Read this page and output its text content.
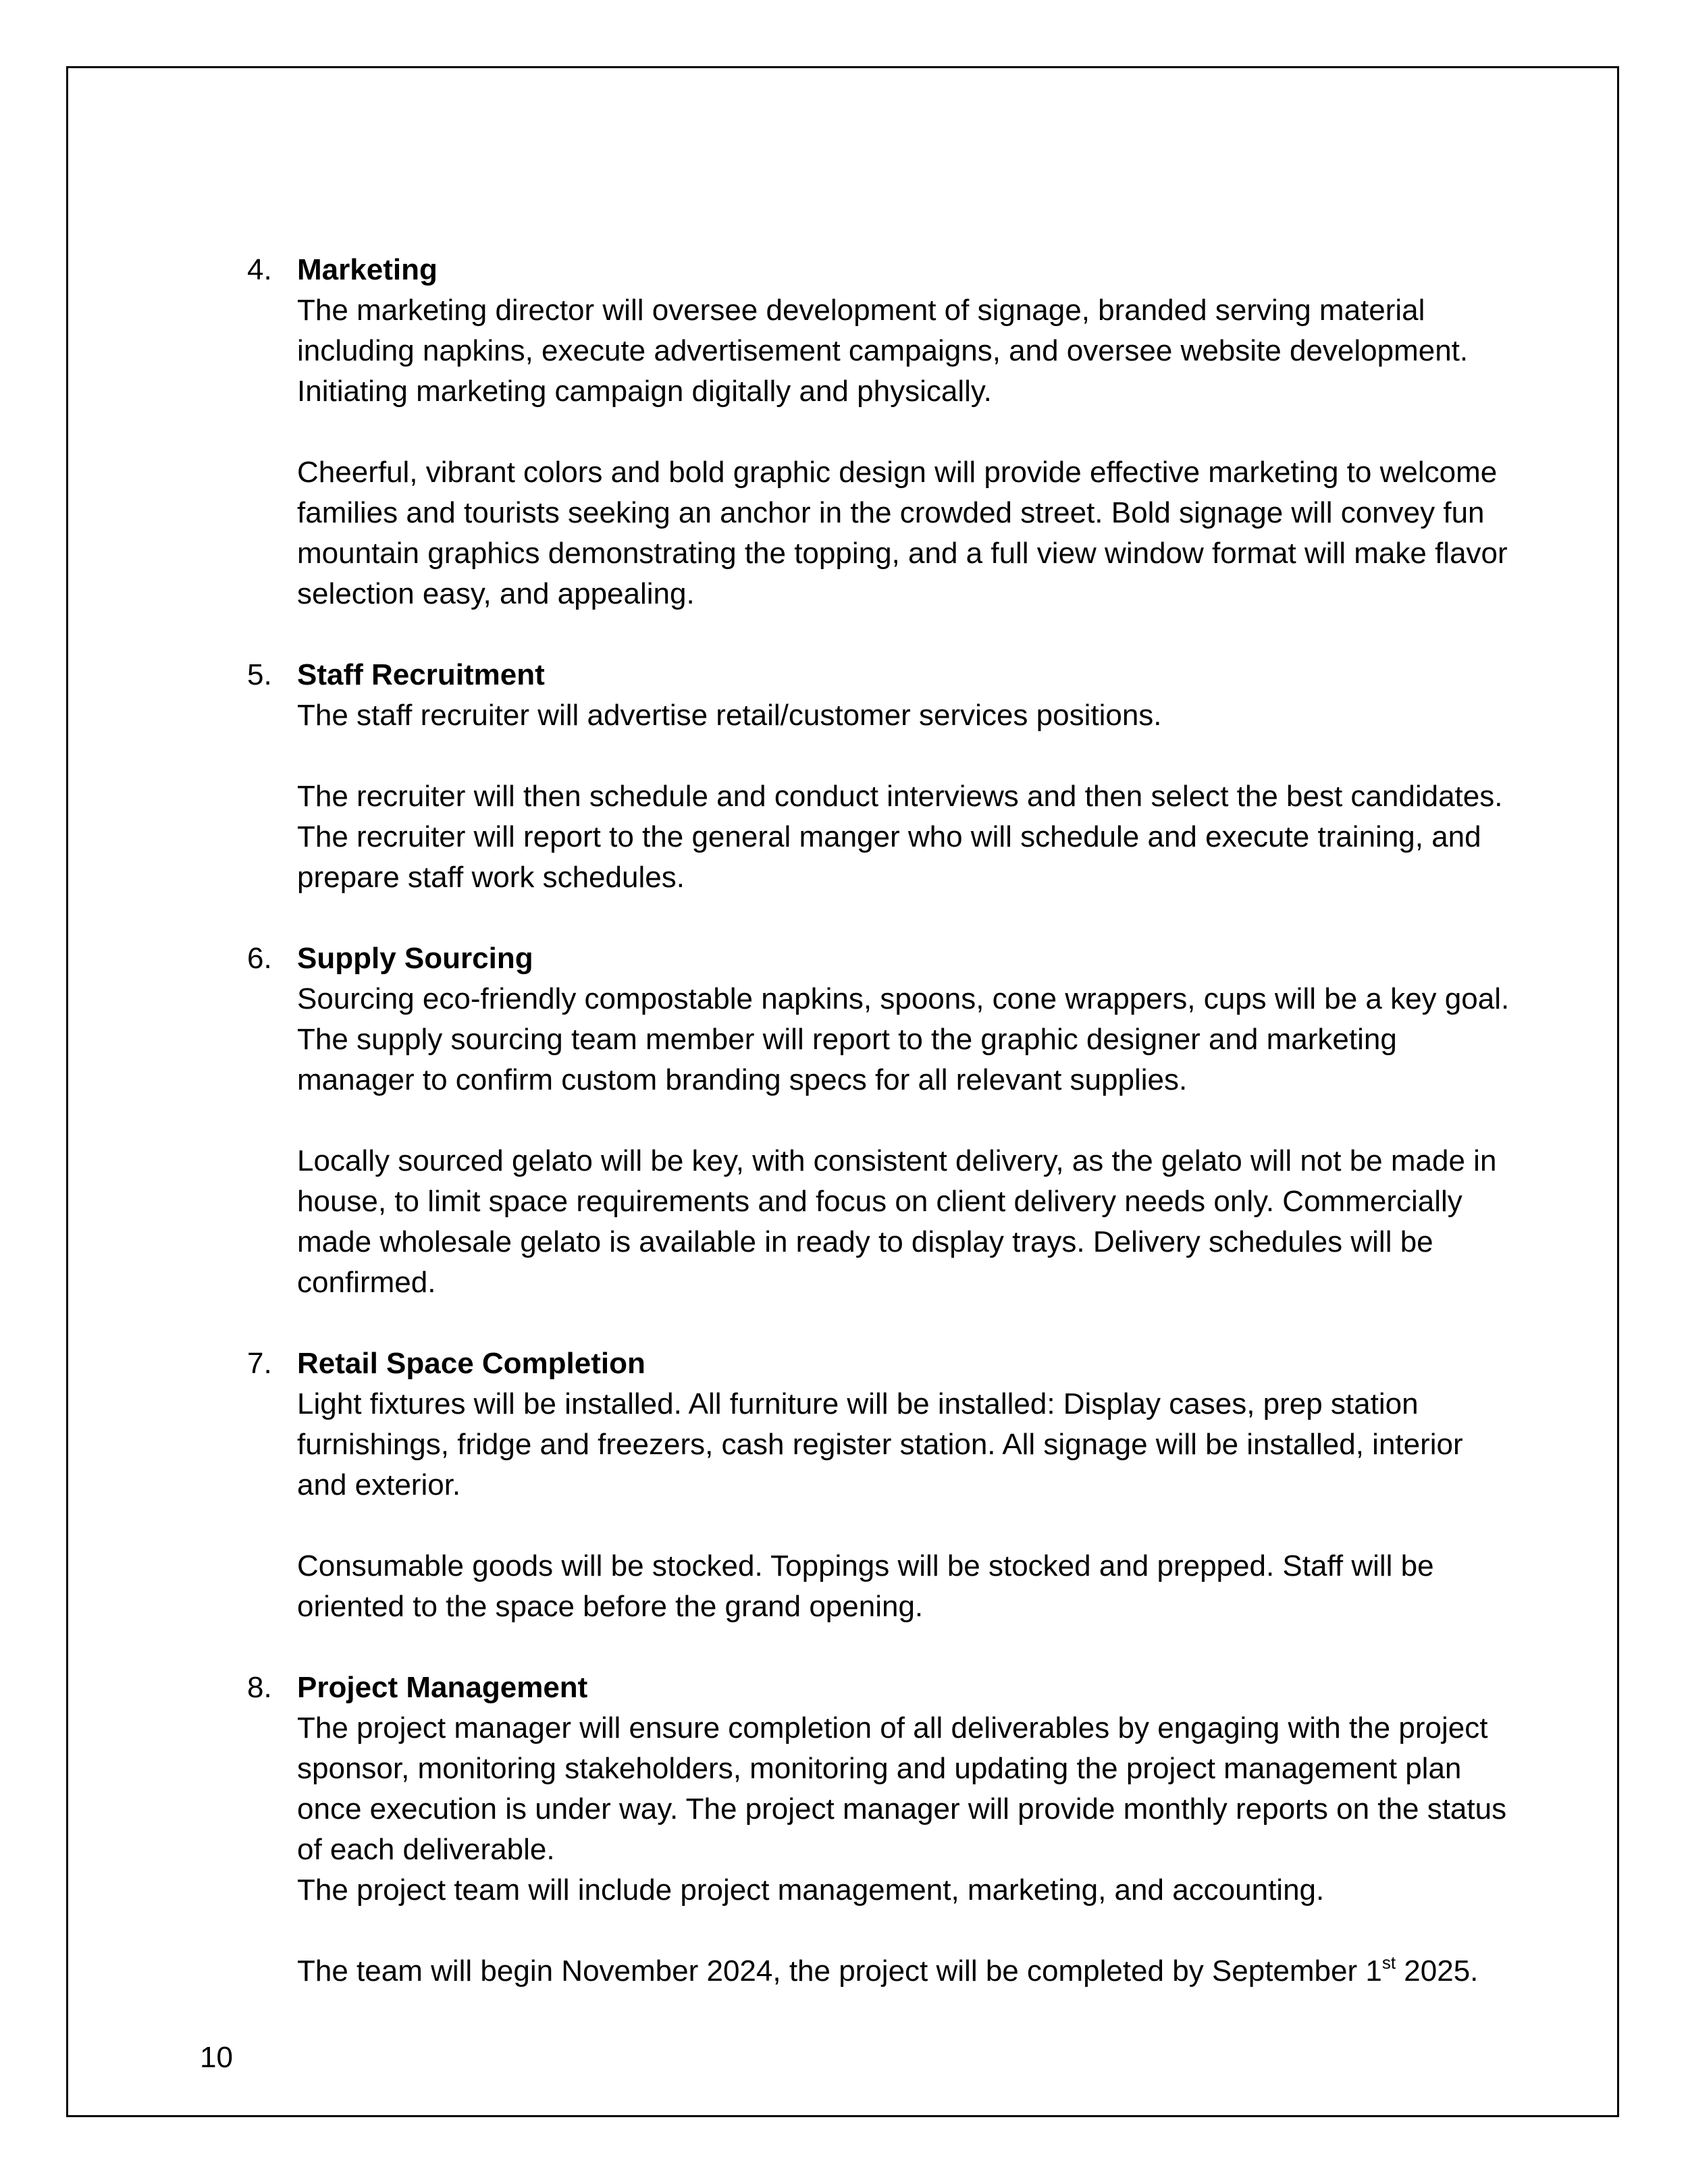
4. Marketing

The marketing director will oversee development of signage, branded serving material including napkins, execute advertisement campaigns, and oversee website development. Initiating marketing campaign digitally and physically.

Cheerful, vibrant colors and bold graphic design will provide effective marketing to welcome families and tourists seeking an anchor in the crowded street. Bold signage will convey fun mountain graphics demonstrating the topping, and a full view window format will make flavor selection easy, and appealing.

5. Staff Recruitment

The staff recruiter will advertise retail/customer services positions.

The recruiter will then schedule and conduct interviews and then select the best candidates. The recruiter will report to the general manger who will schedule and execute training, and prepare staff work schedules.

6. Supply Sourcing

Sourcing eco-friendly compostable napkins, spoons, cone wrappers, cups will be a key goal. The supply sourcing team member will report to the graphic designer and marketing manager to confirm custom branding specs for all relevant supplies.

Locally sourced gelato will be key, with consistent delivery, as the gelato will not be made in house, to limit space requirements and focus on client delivery needs only. Commercially made wholesale gelato is available in ready to display trays. Delivery schedules will be confirmed.

7. Retail Space Completion

Light fixtures will be installed. All furniture will be installed: Display cases, prep station furnishings, fridge and freezers, cash register station. All signage will be installed, interior and exterior.

Consumable goods will be stocked. Toppings will be stocked and prepped. Staff will be oriented to the space before the grand opening.

8. Project Management

The project manager will ensure completion of all deliverables by engaging with the project sponsor, monitoring stakeholders, monitoring and updating the project management plan once execution is under way. The project manager will provide monthly reports on the status of each deliverable.

The project team will include project management, marketing, and accounting.

The team will begin November 2024, the project will be completed by September 1st 2025.

10
